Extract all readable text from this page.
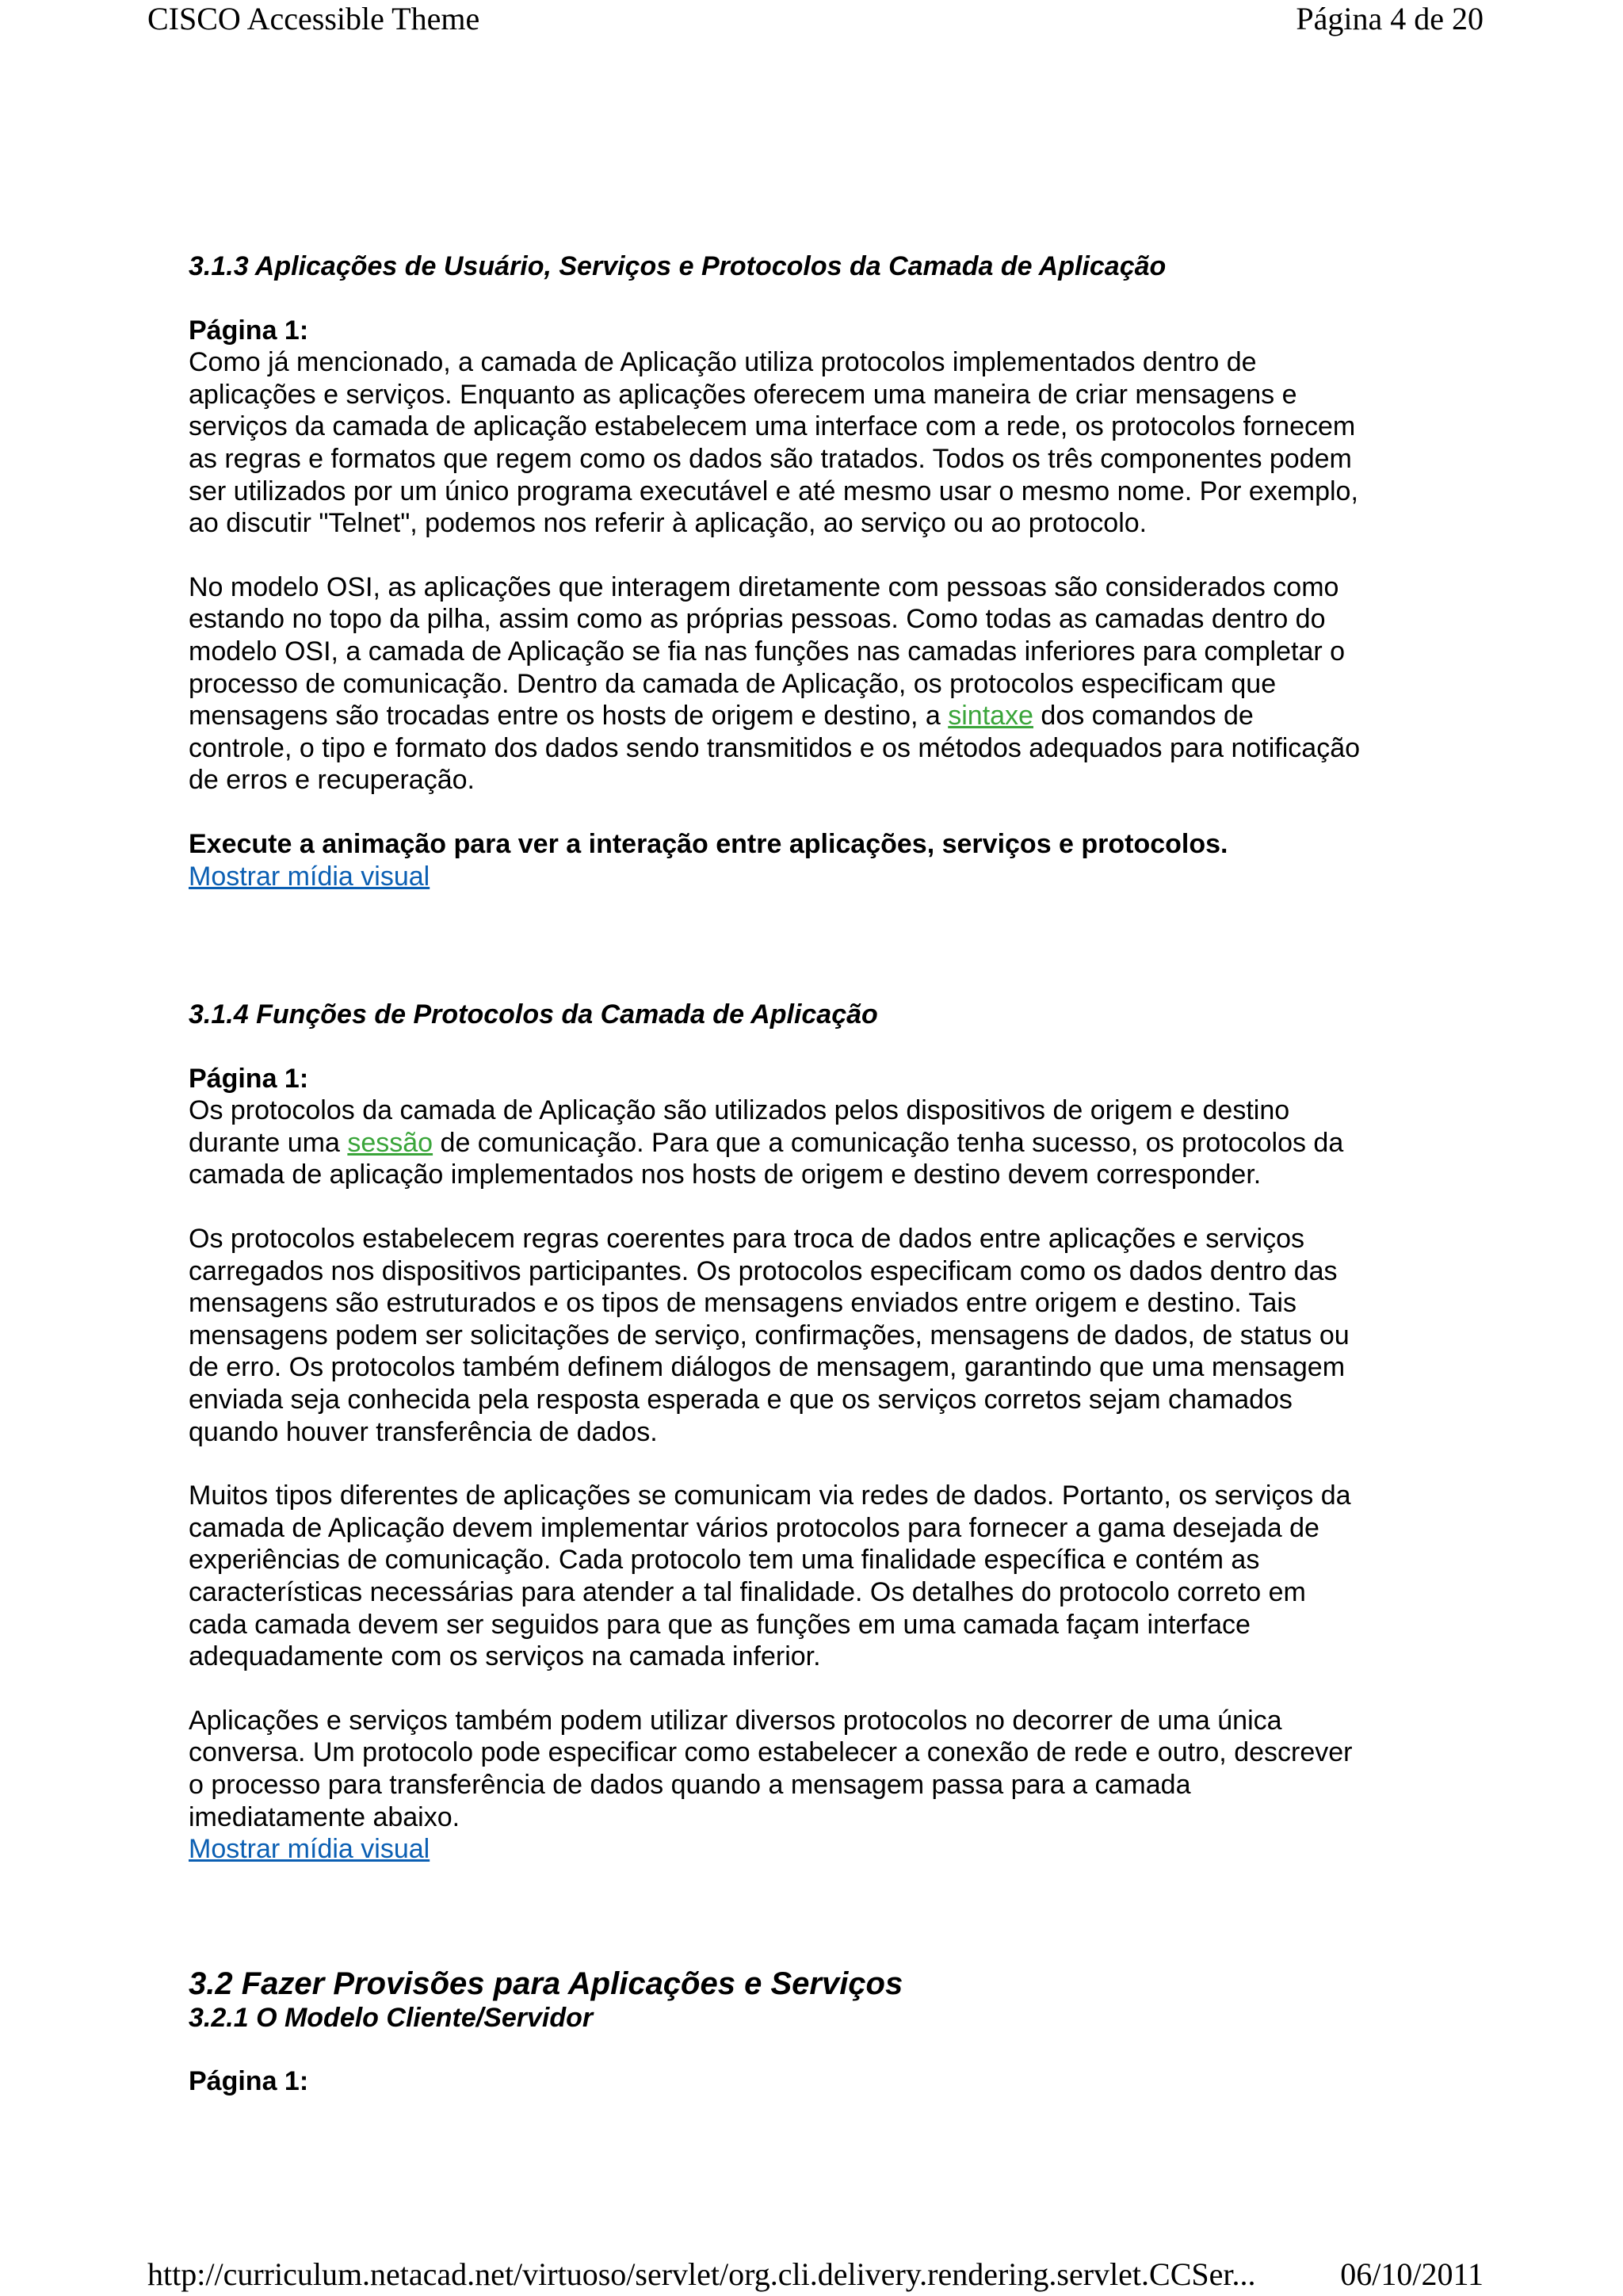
CISCO Accessible Theme	Página 4 de 20

3.1.3 Aplicações de Usuário, Serviços e Protocolos da Camada de Aplicação

Página 1:

Como já mencionado, a camada de Aplicação utiliza protocolos implementados dentro de
aplicações e serviços. Enquanto as aplicações oferecem uma maneira de criar mensagens e
serviços da camada de aplicação estabelecem uma interface com a rede, os protocolos fornecem
as regras e formatos que regem como os dados são tratados. Todos os três componentes podem
ser utilizados por um único programa executável e até mesmo usar o mesmo nome. Por exemplo,
ao discutir "Telnet", podemos nos referir à aplicação, ao serviço ou ao protocolo.

No modelo OSI, as aplicações que interagem diretamente com pessoas são considerados como
estando no topo da pilha, assim como as próprias pessoas. Como todas as camadas dentro do
modelo OSI, a camada de Aplicação se fia nas funções nas camadas inferiores para completar o
processo de comunicação. Dentro da camada de Aplicação, os protocolos especificam que
mensagens são trocadas entre os hosts de origem e destino, a sintaxe dos comandos de
controle, o tipo e formato dos dados sendo transmitidos e os métodos adequados para notificação
de erros e recuperação.

Execute a animação para ver a interação entre aplicações, serviços e protocolos.

Mostrar mídia visual

3.1.4 Funções de Protocolos da Camada de Aplicação

Página 1:

Os protocolos da camada de Aplicação são utilizados pelos dispositivos de origem e destino
durante uma sessão de comunicação. Para que a comunicação tenha sucesso, os protocolos da
camada de aplicação implementados nos hosts de origem e destino devem corresponder.

Os protocolos estabelecem regras coerentes para troca de dados entre aplicações e serviços
carregados nos dispositivos participantes. Os protocolos especificam como os dados dentro das
mensagens são estruturados e os tipos de mensagens enviados entre origem e destino. Tais
mensagens podem ser solicitações de serviço, confirmações, mensagens de dados, de status ou
de erro. Os protocolos também definem diálogos de mensagem, garantindo que uma mensagem
enviada seja conhecida pela resposta esperada e que os serviços corretos sejam chamados
quando houver transferência de dados.

Muitos tipos diferentes de aplicações se comunicam via redes de dados. Portanto, os serviços da
camada de Aplicação devem implementar vários protocolos para fornecer a gama desejada de
experiências de comunicação. Cada protocolo tem uma finalidade específica e contém as
características necessárias para atender a tal finalidade. Os detalhes do protocolo correto em
cada camada devem ser seguidos para que as funções em uma camada façam interface
adequadamente com os serviços na camada inferior.

Aplicações e serviços também podem utilizar diversos protocolos no decorrer de uma única
conversa. Um protocolo pode especificar como estabelecer a conexão de rede e outro, descrever
o processo para transferência de dados quando a mensagem passa para a camada
imediatamente abaixo.

Mostrar mídia visual

3.2 Fazer Provisões para Aplicações e Serviços

3.2.1 O Modelo Cliente/Servidor

Página 1:

http://curriculum.netacad.net/virtuoso/servlet/org.cli.delivery.rendering.servlet.CCSer...	06/10/2011
